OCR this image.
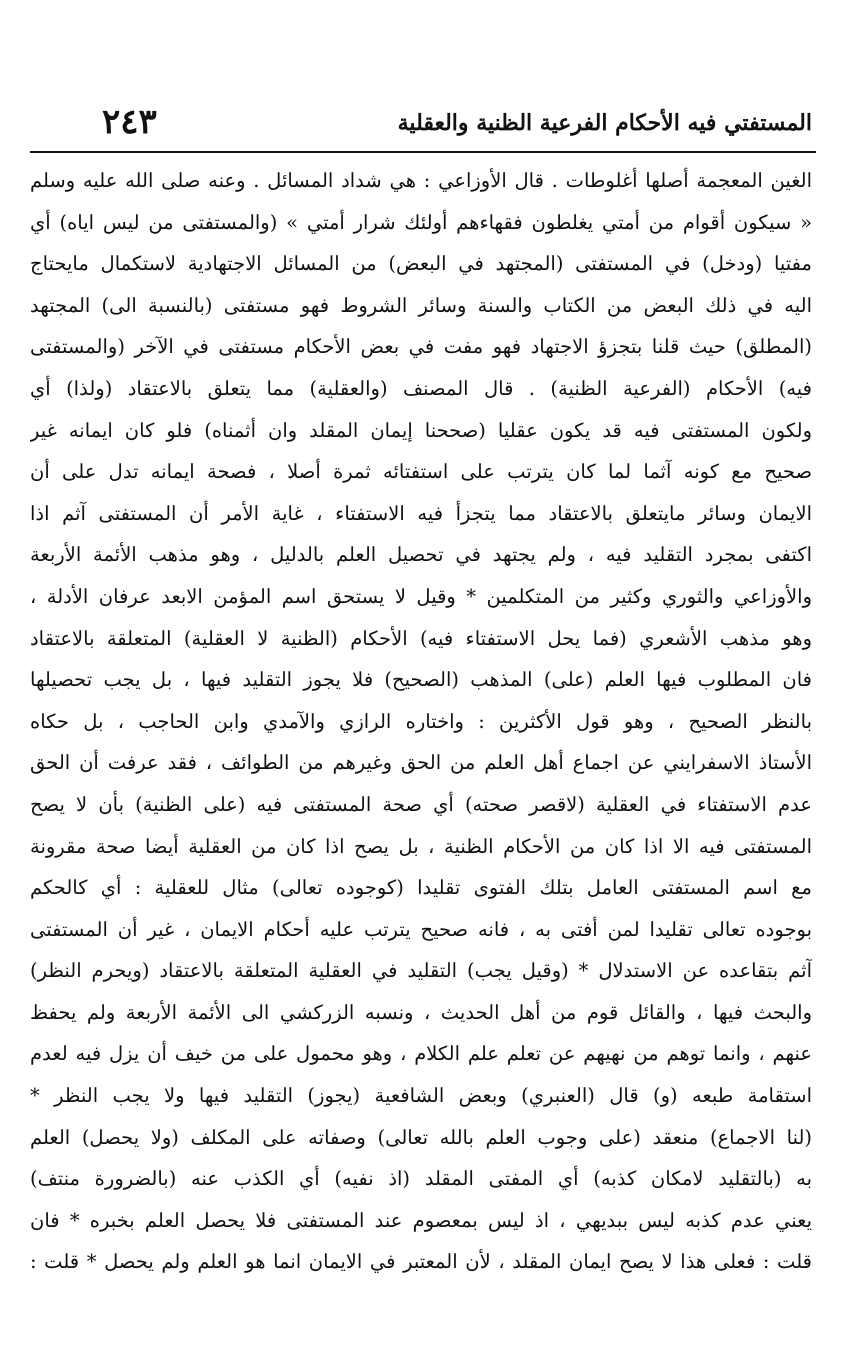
المستفتي فيه الأحكام الفرعية الظنية والعقلية
٢٤٣
الغين المعجمة أصلها أغلوطات . قال الأوزاعي : هي شداد المسائل . وعنه صلى الله عليه وسلم
« سيكون أقوام من أمتي يغلطون فقهاءهم أولئك شرار أمتي » (والمستفتى من ليس اياه) أي
مفتيا (ودخل) في المستفتى (المجتهد في البعض) من المسائل الاجتهادية لاستكمال مايحتاج
اليه في ذلك البعض من الكتاب والسنة وسائر الشروط فهو مستفتى (بالنسبة الى) المجتهد
(المطلق) حيث قلنا بتجزؤ الاجتهاد فهو مفت في بعض الأحكام مستفتى في الآخر (والمستفتى
فيه) الأحكام (الفرعية الظنية) . قال المصنف (والعقلية) مما يتعلق بالاعتقاد (ولذا) أي
ولكون المستفتى فيه قد يكون عقليا (صححنا إيمان المقلد وان أثمناه) فلو كان ايمانه غير
صحيح مع كونه آثما لما كان يترتب على استفتائه ثمرة أصلا ، فصحة ايمانه تدل على أن
الايمان وسائر مايتعلق بالاعتقاد مما يتجزأ فيه الاستفتاء ، غاية الأمر أن المستفتى آثم اذا
اكتفى بمجرد التقليد فيه ، ولم يجتهد في تحصيل العلم بالدليل ، وهو مذهب الأئمة الأربعة
والأوزاعي والثوري وكثير من المتكلمين * وقيل لا يستحق اسم المؤمن الابعد عرفان الأدلة ،
وهو مذهب الأشعري (فما يحل الاستفتاء فيه) الأحكام (الظنية لا العقلية) المتعلقة بالاعتقاد
فان المطلوب فيها العلم (على) المذهب (الصحيح) فلا يجوز التقليد فيها ، بل يجب تحصيلها
بالنظر الصحيح ، وهو قول الأكثرين : واختاره الرازي والآمدي وابن الحاجب ، بل حكاه
الأستاذ الاسفرايني عن اجماع أهل العلم من الحق وغيرهم من الطوائف ، فقد عرفت أن الحق
عدم الاستفتاء في العقلية (لاقصر صحته) أي صحة المستفتى فيه (على الظنية) بأن لا يصح
المستفتى فيه الا اذا كان من الأحكام الظنية ، بل يصح اذا كان من العقلية أيضا صحة مقرونة
مع اسم المستفتى العامل بتلك الفتوى تقليدا (كوجوده تعالى) مثال للعقلية : أي كالحكم
بوجوده تعالى تقليدا لمن أفتى به ، فانه صحيح يترتب عليه أحكام الايمان ، غير أن المستفتى
آثم بتقاعده عن الاستدلال * (وقيل يجب) التقليد في العقلية المتعلقة بالاعتقاد (ويحرم النظر)
والبحث فيها ، والقائل قوم من أهل الحديث ، ونسبه الزركشي الى الأئمة الأربعة ولم يحفظ
عنهم ، وانما توهم من نهيهم عن تعلم علم الكلام ، وهو محمول على من خيف أن يزل فيه لعدم
استقامة طبعه (و) قال (العنبري) وبعض الشافعية (يجوز) التقليد فيها ولا يجب النظر *
(لنا الاجماع) منعقد (على وجوب العلم بالله تعالى) وصفاته على المكلف (ولا يحصل) العلم
به (بالتقليد لامكان كذبه) أي المفتى المقلد (اذ نفيه) أي الكذب عنه (بالضرورة منتف)
يعني عدم كذبه ليس ببديهي ، اذ ليس بمعصوم عند المستفتى فلا يحصل العلم بخبره * فان
قلت : فعلى هذا لا يصح ايمان المقلد ، لأن المعتبر في الايمان انما هو العلم ولم يحصل * قلت :
